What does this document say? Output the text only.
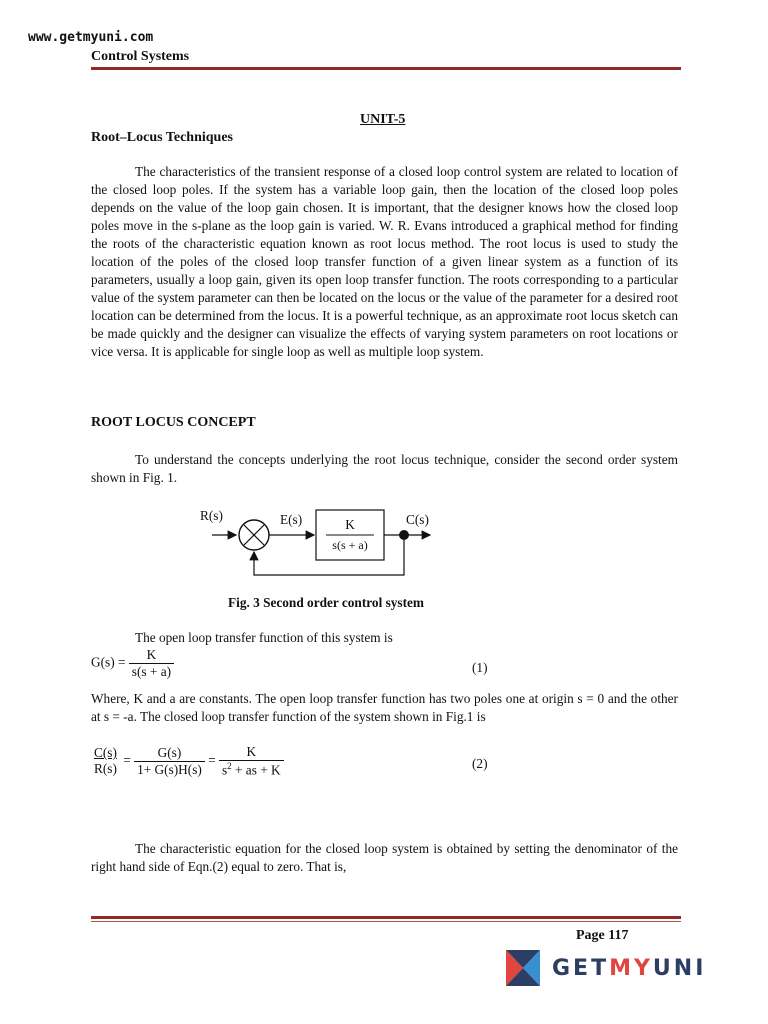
www.getmyuni.com
Control Systems
UNIT-5
Root–Locus Techniques

The characteristics of the transient response of a closed loop control system are related to location of the closed loop poles. If the system has a variable loop gain, then the location of the closed loop poles depends on the value of the loop gain chosen. It is important, that the designer knows how the closed loop poles move in the s-plane as the loop gain is varied. W. R. Evans introduced a graphical method for finding the roots of the characteristic equation known as root locus method. The root locus is used to study the location of the poles of the closed loop transfer function of a given linear system as a function of its parameters, usually a loop gain, given its open loop transfer function. The roots corresponding to a particular value of the system parameter can then be located on the locus or the value of the parameter for a desired root location can be determined from the locus. It is a powerful technique, as an approximate root locus sketch can be made quickly and the designer can visualize the effects of varying system parameters on root locations or vice versa. It is applicable for single loop as well as multiple loop system.

ROOT LOCUS CONCEPT

To understand the concepts underlying the root locus technique, consider the second order system shown in Fig. 1.

R(s)	E(s)	C(s)
K
s(s + a)
Fig. 3 Second order control system
The open loop transfer function of this system is
$G(s) = \frac{K}{s(s + a)}$	(1)

Where, K and a are constants. The open loop transfer function has two poles one at origin s = 0 and the other at s = -a. The closed loop transfer function of the system shown in Fig.1 is

$\frac{C(s)}{R(s)} = \frac{G(s)}{1+ G(s)H(s)} = \frac{K}{s^2 + as + K}$	(2)

The characteristic equation for the closed loop system is obtained by setting the denominator of the right hand side of Eqn.(2) equal to zero. That is,

Page 117
GETMYUNI
